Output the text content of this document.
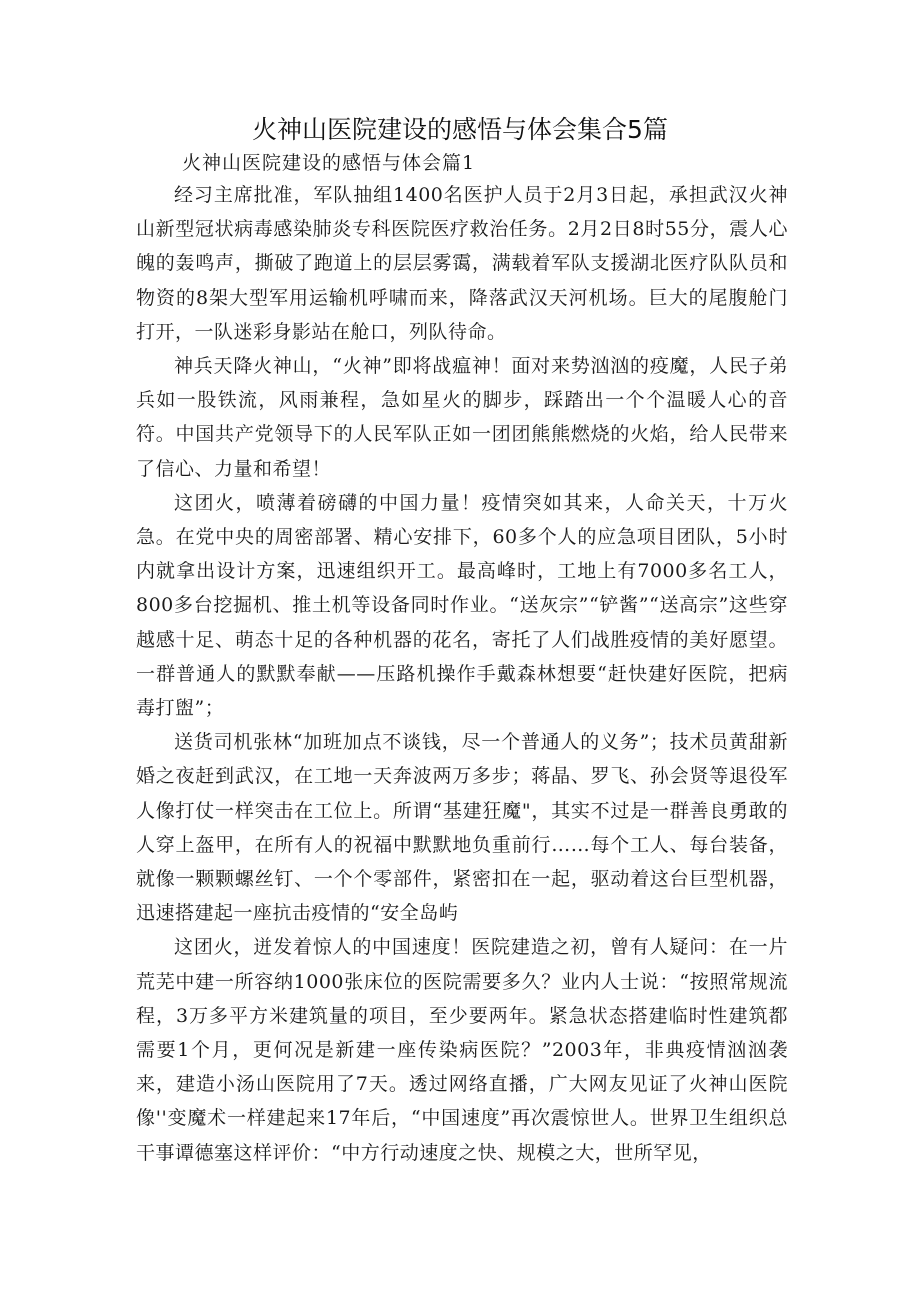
火神山医院建设的感悟与体会集合5篇

火神山医院建设的感悟与体会篇1

经习主席批准，军队抽组1400名医护人员于2月3日起，承担武汉火神山新型冠状病毒感染肺炎专科医院医疗救治任务。2月2日8时55分，震人心魄的轰鸣声，撕破了跑道上的层层雾霭，满载着军队支援湖北医疗队队员和物资的8架大型军用运输机呼啸而来，降落武汉天河机场。巨大的尾腹舱门打开，一队迷彩身影站在舱口，列队待命。

神兵天降火神山，“火神”即将战瘟神！面对来势汹汹的疫魔，人民子弟兵如一股铁流，风雨兼程，急如星火的脚步，踩踏出一个个温暖人心的音符。中国共产党领导下的人民军队正如一团团熊熊燃烧的火焰，给人民带来了信心、力量和希望！

这团火，喷薄着磅礴的中国力量！疫情突如其来，人命关天，十万火急。在党中央的周密部署、精心安排下，60多个人的应急项目团队，5小时内就拿出设计方案，迅速组织开工。最高峰时，工地上有7000多名工人，800多台挖掘机、推土机等设备同时作业。“送灰宗”“铲酱”“送高宗”这些穿越感十足、萌态十足的各种机器的花名，寄托了人们战胜疫情的美好愿望。一群普通人的默默奉献——压路机操作手戴森林想要“赶快建好医院，把病毒打盥”；

送货司机张林“加班加点不谈钱，尽一个普通人的义务”；技术员黄甜新婚之夜赶到武汉，在工地一天奔波两万多步；蒋晶、罗飞、孙会贤等退役军人像打仗一样突击在工位上。所谓“基建狂魔"，其实不过是一群善良勇敢的人穿上盔甲，在所有人的祝福中默默地负重前行……每个工人、每台装备，就像一颗颗螺丝钉、一个个零部件，紧密扣在一起，驱动着这台巨型机器，迅速搭建起一座抗击疫情的“安全岛屿

这团火，迸发着惊人的中国速度！医院建造之初，曾有人疑问：在一片荒芜中建一所容纳1000张床位的医院需要多久？业内人士说：“按照常规流程，3万多平方米建筑量的项目，至少要两年。紧急状态搭建临时性建筑都需要1个月，更何况是新建一座传染病医院？”2003年，非典疫情汹汹袭来，建造小汤山医院用了7天。透过网络直播，广大网友见证了火神山医院像''变魔术一样建起来17年后，“中国速度”再次震惊世人。世界卫生组织总干事谭德塞这样评价：“中方行动速度之快、规模之大，世所罕见，
